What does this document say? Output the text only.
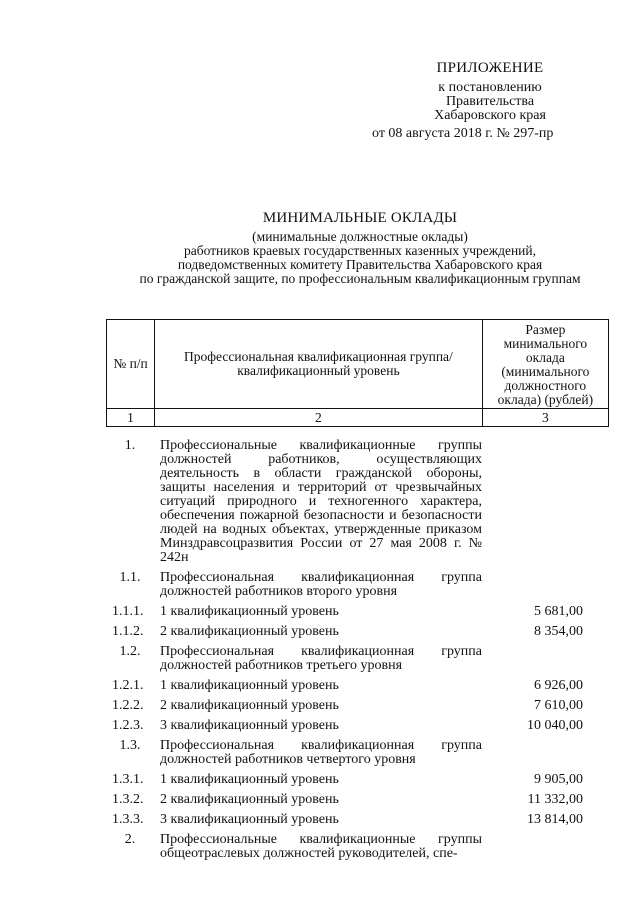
ПРИЛОЖЕНИЕ
к постановлению
Правительства
Хабаровского края
от 08 августа 2018 г. № 297-пр
МИНИМАЛЬНЫЕ ОКЛАДЫ
(минимальные должностные оклады)
работников краевых государственных казенных учреждений,
подведомственных комитету Правительства Хабаровского края
по гражданской защите, по профессиональным квалификационным группам
№ п/п	Профессиональная квалификационная группа/ квалификационный уровень	Размер минимального оклада (минимального должностного оклада) (рублей)
1	2	3
1.	Профессиональные квалификационные группы должностей работников, осуществляющих деятельность в области гражданской обороны, защиты населения и территорий от чрезвычайных ситуаций природного и техногенного характера, обеспечения пожарной безопасности и безопасности людей на водных объектах, утвержденные приказом Минздравсоцразвития России от 27 мая 2008 г. № 242н
1.1.	Профессиональная квалификационная группа должностей работников второго уровня
1.1.1.	1 квалификационный уровень	5 681,00
1.1.2.	2 квалификационный уровень	8 354,00
1.2.	Профессиональная квалификационная группа должностей работников третьего уровня
1.2.1.	1 квалификационный уровень	6 926,00
1.2.2.	2 квалификационный уровень	7 610,00
1.2.3.	3 квалификационный уровень	10 040,00
1.3.	Профессиональная квалификационная группа должностей работников четвертого уровня
1.3.1.	1 квалификационный уровень	9 905,00
1.3.2.	2 квалификационный уровень	11 332,00
1.3.3.	3 квалификационный уровень	13 814,00
2.	Профессиональные квалификационные группы общеотраслевых должностей руководителей, спе-
